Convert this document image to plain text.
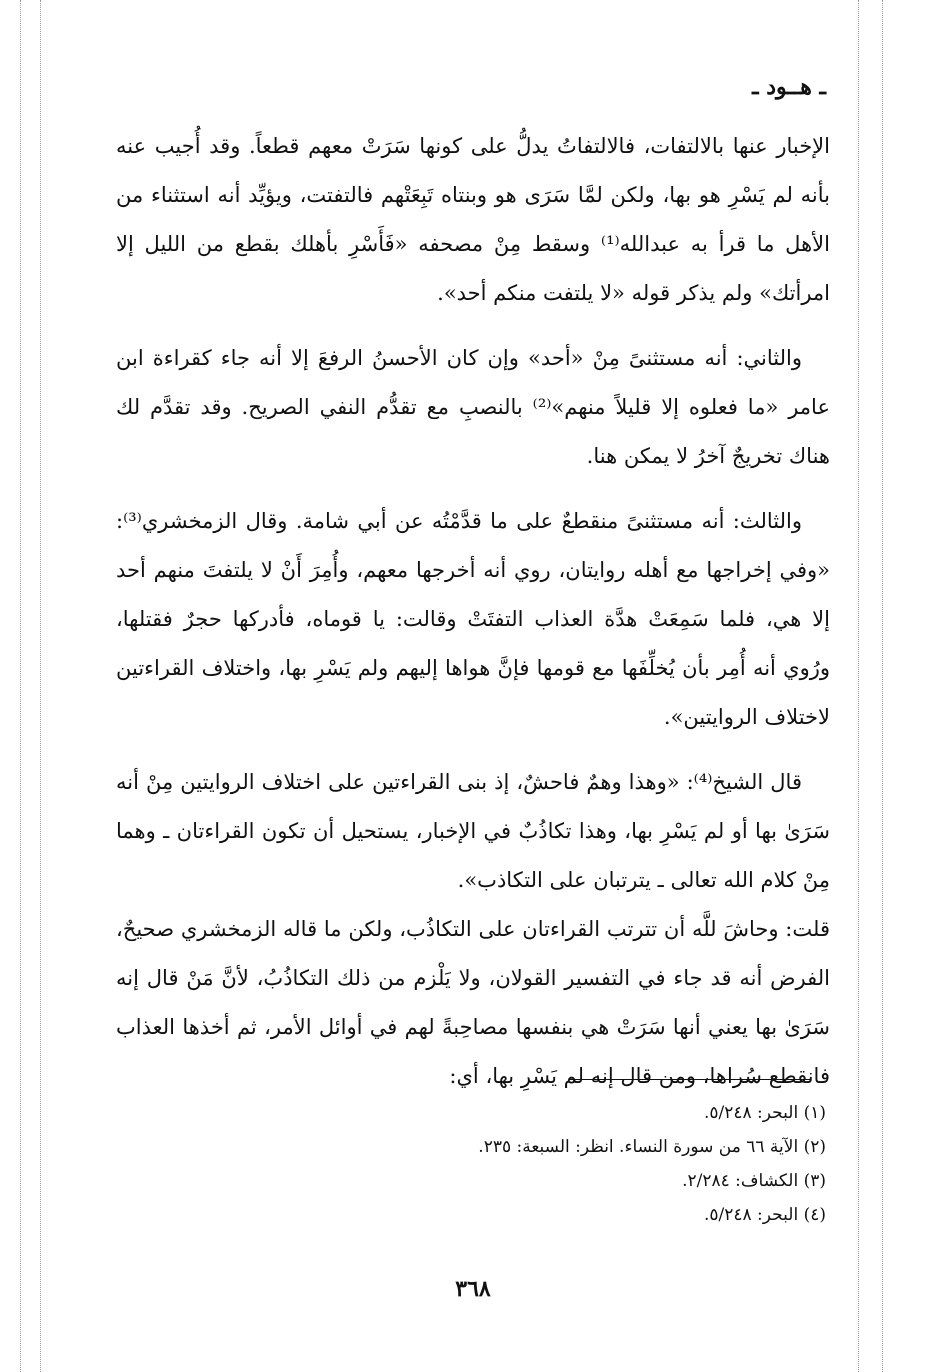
ـ هــود ـ

الإخبار عنها بالالتفات، فالالتفاتُ يدلُّ على كونها سَرَتْ معهم قطعاً. وقد أُجيب عنه بأنه لم يَسْرِ هو بها، ولكن لمَّا سَرَى هو وبنتاه تَبِعَتْهم فالتفتت، ويؤيِّد أنه استثناء من الأهل ما قرأ به عبدالله⁽¹⁾ وسقط مِنْ مصحفه «فَأَسْرِ بأهلك بقطع من الليل إلا امرأتك» ولم يذكر قوله «لا يلتفت منكم أحد».

والثاني: أنه مستثنىً مِنْ «أحد» وإن كان الأحسنُ الرفعَ إلا أنه جاء كقراءة ابن عامر «ما فعلوه إلا قليلاً منهم»⁽²⁾ بالنصبِ مع تقدُّم النفي الصريح. وقد تقدَّم لك هناك تخريجٌ آخرُ لا يمكن هنا.

والثالث: أنه مستثنىً منقطعٌ على ما قدَّمْتُه عن أبي شامة. وقال الزمخشري⁽³⁾: «وفي إخراجها مع أهله روايتان، روي أنه أخرجها معهم، وأُمِرَ أَنْ لا يلتفتَ منهم أحد إلا هي، فلما سَمِعَتْ هدَّة العذاب التفتَتْ وقالت: يا قوماه، فأدركها حجرٌ فقتلها، ورُوي أنه أُمِر بأن يُخلِّفَها مع قومها فإنَّ هواها إليهم ولم يَسْرِ بها، واختلاف القراءتين لاختلاف الروايتين».

قال الشيخ⁽⁴⁾: «وهذا وهمٌ فاحشٌ، إذ بنى القراءتين على اختلاف الروايتين مِنْ أنه سَرَىٰ بها أو لم يَسْرِ بها، وهذا تكاذُبٌ في الإخبار، يستحيل أن تكون القراءتان ـ وهما مِنْ كلام الله تعالى ـ يترتبان على التكاذب».

قلت: وحاشَ للَّه أن تترتب القراءتان على التكاذُب، ولكن ما قاله الزمخشري صحيحٌ، الفرض أنه قد جاء في التفسير القولان، ولا يَلْزم من ذلك التكاذُبُ، لأنَّ مَنْ قال إنه سَرَىٰ بها يعني أنها سَرَتْ هي بنفسها مصاحِبةً لهم في أوائل الأمر، ثم أخذها العذاب فانقطع سُراها، ومن قال إنه لم يَسْرِ بها، أي:

(١) البحر: ٥/٢٤٨.
(٢) الآية ٦٦ من سورة النساء. انظر: السبعة: ٢٣٥.
(٣) الكشاف: ٢/٢٨٤.
(٤) البحر: ٥/٢٤٨.
٣٦٨
